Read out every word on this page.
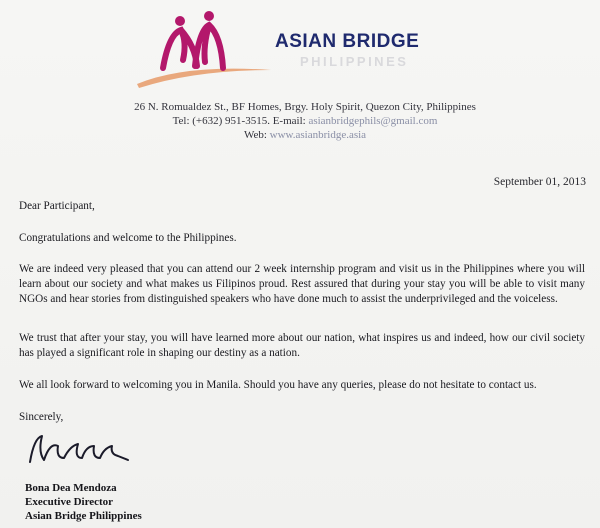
ASIAN BRIDGE
PHILIPPINES
26 N. Romualdez St., BF Homes, Brgy. Holy Spirit, Quezon City, Philippines
Tel: (+632) 951-3515. E-mail: asianbridgephils@gmail.com
Web: www.asianbridge.asia
September 01, 2013
Dear Participant,
Congratulations and welcome to the Philippines.
We are indeed very pleased that you can attend our 2 week internship program and visit us in the Philippines where you will learn about our society and what makes us Filipinos proud. Rest assured that during your stay you will be able to visit many NGOs and hear stories from distinguished speakers who have done much to assist the underprivileged and the voiceless.
We trust that after your stay, you will have learned more about our nation, what inspires us and indeed, how our civil society has played a significant role in shaping our destiny as a nation.
We all look forward to welcoming you in Manila. Should you have any queries, please do not hesitate to contact us.
Sincerely,
Bona Dea Mendoza
Executive Director
Asian Bridge Philippines
